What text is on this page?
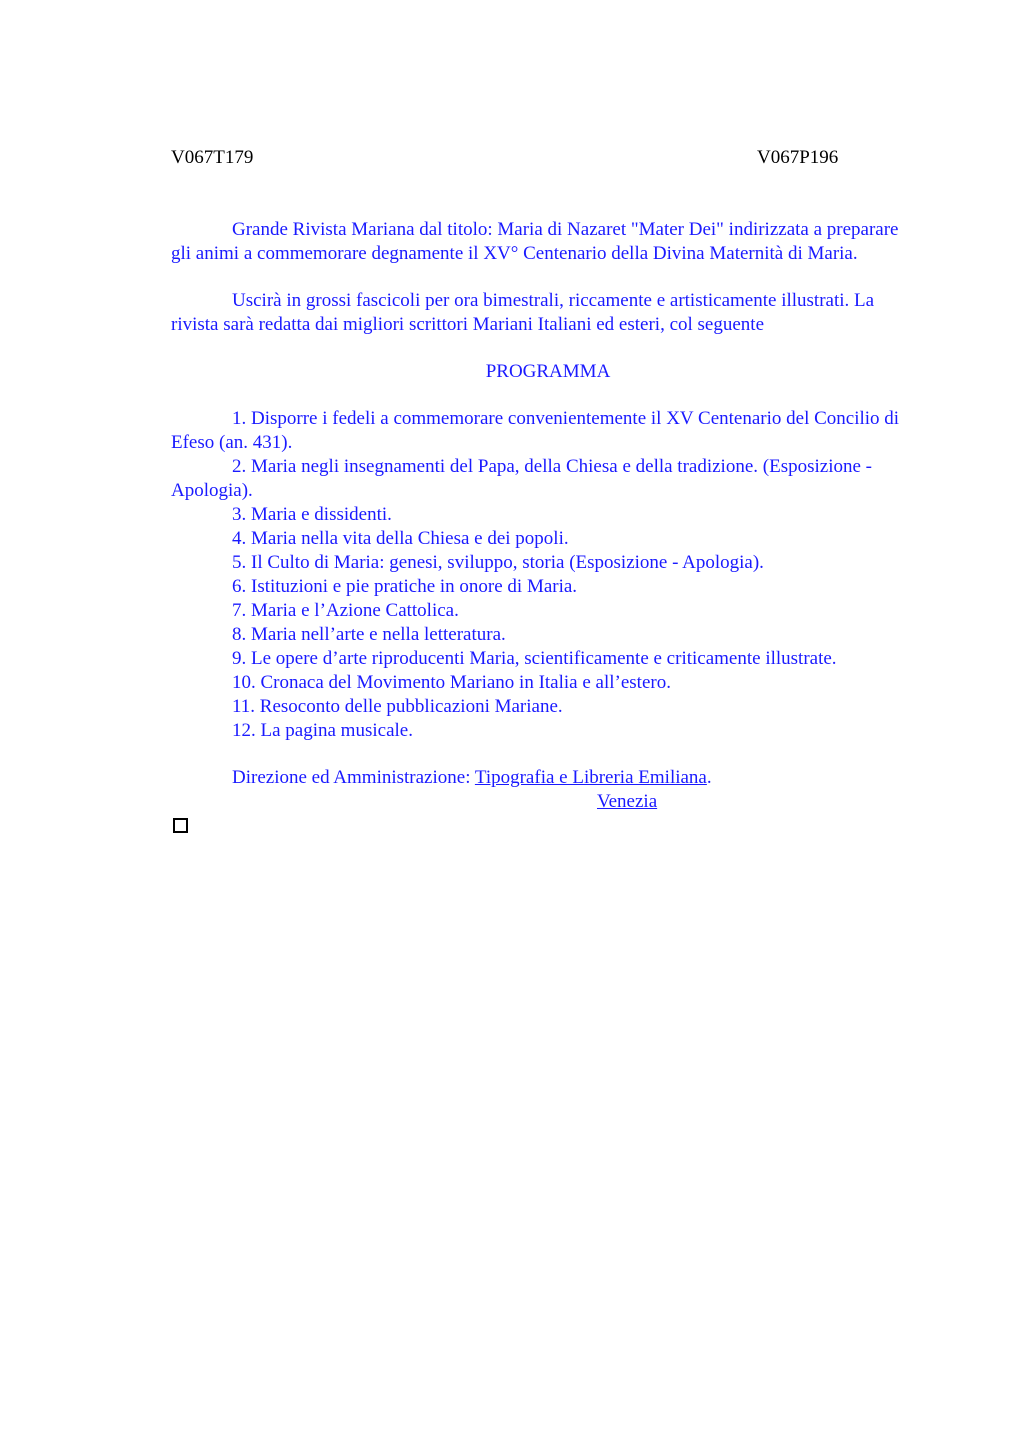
V067T179	V067P196

Grande Rivista Mariana dal titolo: Maria di Nazaret "Mater Dei" indirizzata a preparare gli animi a commemorare degnamente il XV° Centenario della Divina Maternità di Maria.

Uscirà in grossi fascicoli per ora bimestrali, riccamente e artisticamente illustrati. La rivista sarà redatta dai migliori scrittori Mariani Italiani ed esteri, col seguente

PROGRAMMA

1. Disporre i fedeli a commemorare convenientemente il XV Centenario del Concilio di Efeso (an. 431).

2. Maria negli insegnamenti del Papa, della Chiesa e della tradizione. (Esposizione - Apologia).

3. Maria e dissidenti.

4. Maria nella vita della Chiesa e dei popoli.

5. Il Culto di Maria: genesi, sviluppo, storia (Esposizione - Apologia).

6. Istituzioni e pie pratiche in onore di Maria.

7. Maria e l’Azione Cattolica.

8. Maria nell’arte e nella letteratura.

9. Le opere d’arte riproducenti Maria, scientificamente e criticamente illustrate.

10. Cronaca del Movimento Mariano in Italia e all’estero.

11. Resoconto delle pubblicazioni Mariane.

12. La pagina musicale.

Direzione ed Amministrazione: Tipografia e Libreria Emiliana.
Venezia
